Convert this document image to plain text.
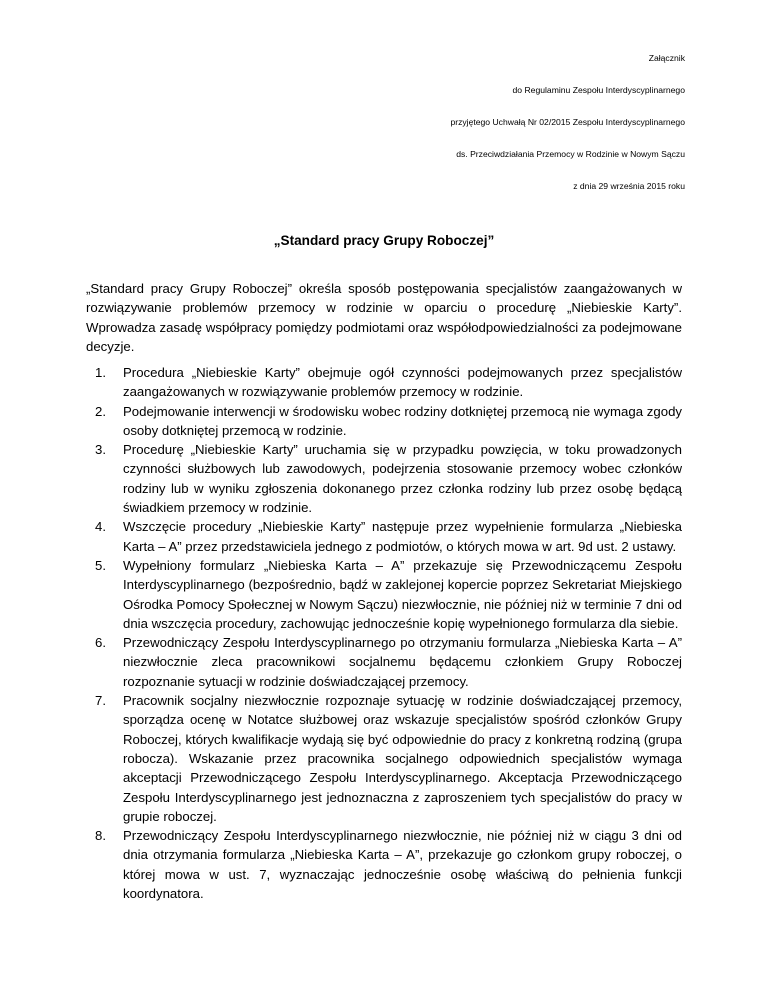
Załącznik
do Regulaminu Zespołu Interdyscyplinarnego
przyjętego Uchwałą Nr 02/2015 Zespołu Interdyscyplinarnego
ds. Przeciwdziałania Przemocy w Rodzinie w Nowym Sączu
z dnia 29 września 2015 roku
„Standard pracy Grupy Roboczej”
„Standard pracy Grupy Roboczej” określa sposób postępowania specjalistów zaangażowanych w rozwiązywanie problemów przemocy w rodzinie w oparciu o procedurę „Niebieskie Karty”. Wprowadza zasadę współpracy pomiędzy podmiotami oraz współodpowiedzialności za podejmowane decyzje.
1. Procedura „Niebieskie Karty” obejmuje ogół czynności podejmowanych przez specjalistów zaangażowanych w rozwiązywanie problemów przemocy w rodzinie.
2. Podejmowanie interwencji w środowisku wobec rodziny dotkniętej przemocą nie wymaga zgody osoby dotkniętej przemocą w rodzinie.
3. Procedurę „Niebieskie Karty” uruchamia się w przypadku powzięcia, w toku prowadzonych czynności służbowych lub zawodowych, podejrzenia stosowanie przemocy wobec członków rodziny lub w wyniku zgłoszenia dokonanego przez członka rodziny lub przez osobę będącą świadkiem przemocy w rodzinie.
4. Wszczęcie procedury „Niebieskie Karty” następuje przez wypełnienie formularza „Niebieska Karta – A” przez przedstawiciela jednego z podmiotów, o których mowa w art. 9d ust. 2 ustawy.
5. Wypełniony formularz „Niebieska Karta – A” przekazuje się Przewodniczącemu Zespołu Interdyscyplinarnego (bezpośrednio, bądź w zaklejonej kopercie poprzez Sekretariat Miejskiego Ośrodka Pomocy Społecznej w Nowym Sączu) niezwłocznie, nie później niż w terminie 7 dni od dnia wszczęcia procedury, zachowując jednocześnie kopię wypełnionego formularza dla siebie.
6. Przewodniczący Zespołu Interdyscyplinarnego po otrzymaniu formularza „Niebieska Karta – A” niezwłocznie zleca pracownikowi socjalnemu będącemu członkiem Grupy Roboczej rozpoznanie sytuacji w rodzinie doświadczającej przemocy.
7. Pracownik socjalny niezwłocznie rozpoznaje sytuację w rodzinie doświadczającej przemocy, sporządza ocenę w Notatce służbowej oraz wskazuje specjalistów spośród członków Grupy Roboczej, których kwalifikacje wydają się być odpowiednie do pracy z konkretną rodziną (grupa robocza). Wskazanie przez pracownika socjalnego odpowiednich specjalistów wymaga akceptacji Przewodniczącego Zespołu Interdyscyplinarnego. Akceptacja Przewodniczącego Zespołu Interdyscyplinarnego jest jednoznaczna z zaproszeniem tych specjalistów do pracy w grupie roboczej.
8. Przewodniczący Zespołu Interdyscyplinarnego niezwłocznie, nie później niż w ciągu 3 dni od dnia otrzymania formularza „Niebieska Karta – A”, przekazuje go członkom grupy roboczej, o której mowa w ust. 7, wyznaczając jednocześnie osobę właściwą do pełnienia funkcji koordynatora.
